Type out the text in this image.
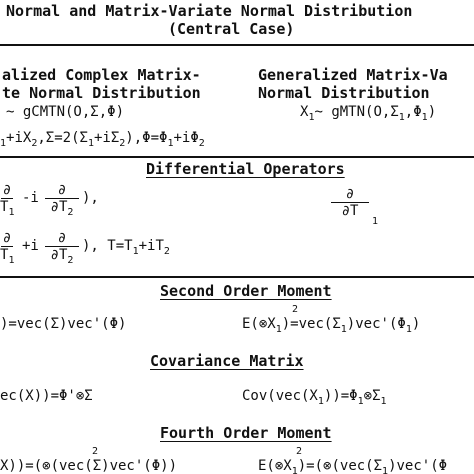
Normal and Matrix-Variate Normal Distribution
(Central Case)
alized Complex Matrix-
te Normal Distribution
~ gCMTN(O,Σ,Φ)
Generalized Matrix-Va
Normal Distribution
$X_1\sim$ $gMTN(O,\Sigma_1,\Phi_1)$
$_1+iX_2,\Sigma=2(\Sigma_1+i\Sigma_2),\Phi=\Phi_1+i\Phi_2$
Differential Operators
∂
$T_1$
-i	∂
$\partial T_2$
),	∂
∂T
1
∂
$T_1$
+i	∂
$\partial T_2$
), $T=T_1+iT_2$
Second Order Moment
2
)=vec(Σ)vec'(Φ)	$E(\otimes X_1)=vec(\Sigma_1)vec'(\Phi_1)$
Covariance Matrix
ec(X))=Φ'⊗Σ	$Cov(vec(X_1))=\Phi_1\otimes\Sigma_1$
Fourth Order Moment
2	2
X))=(⊗(vec(Σ)vec'(Φ))	$E(\otimes X_1)=(\otimes(vec(\Sigma_1)vec'(\Phi$
